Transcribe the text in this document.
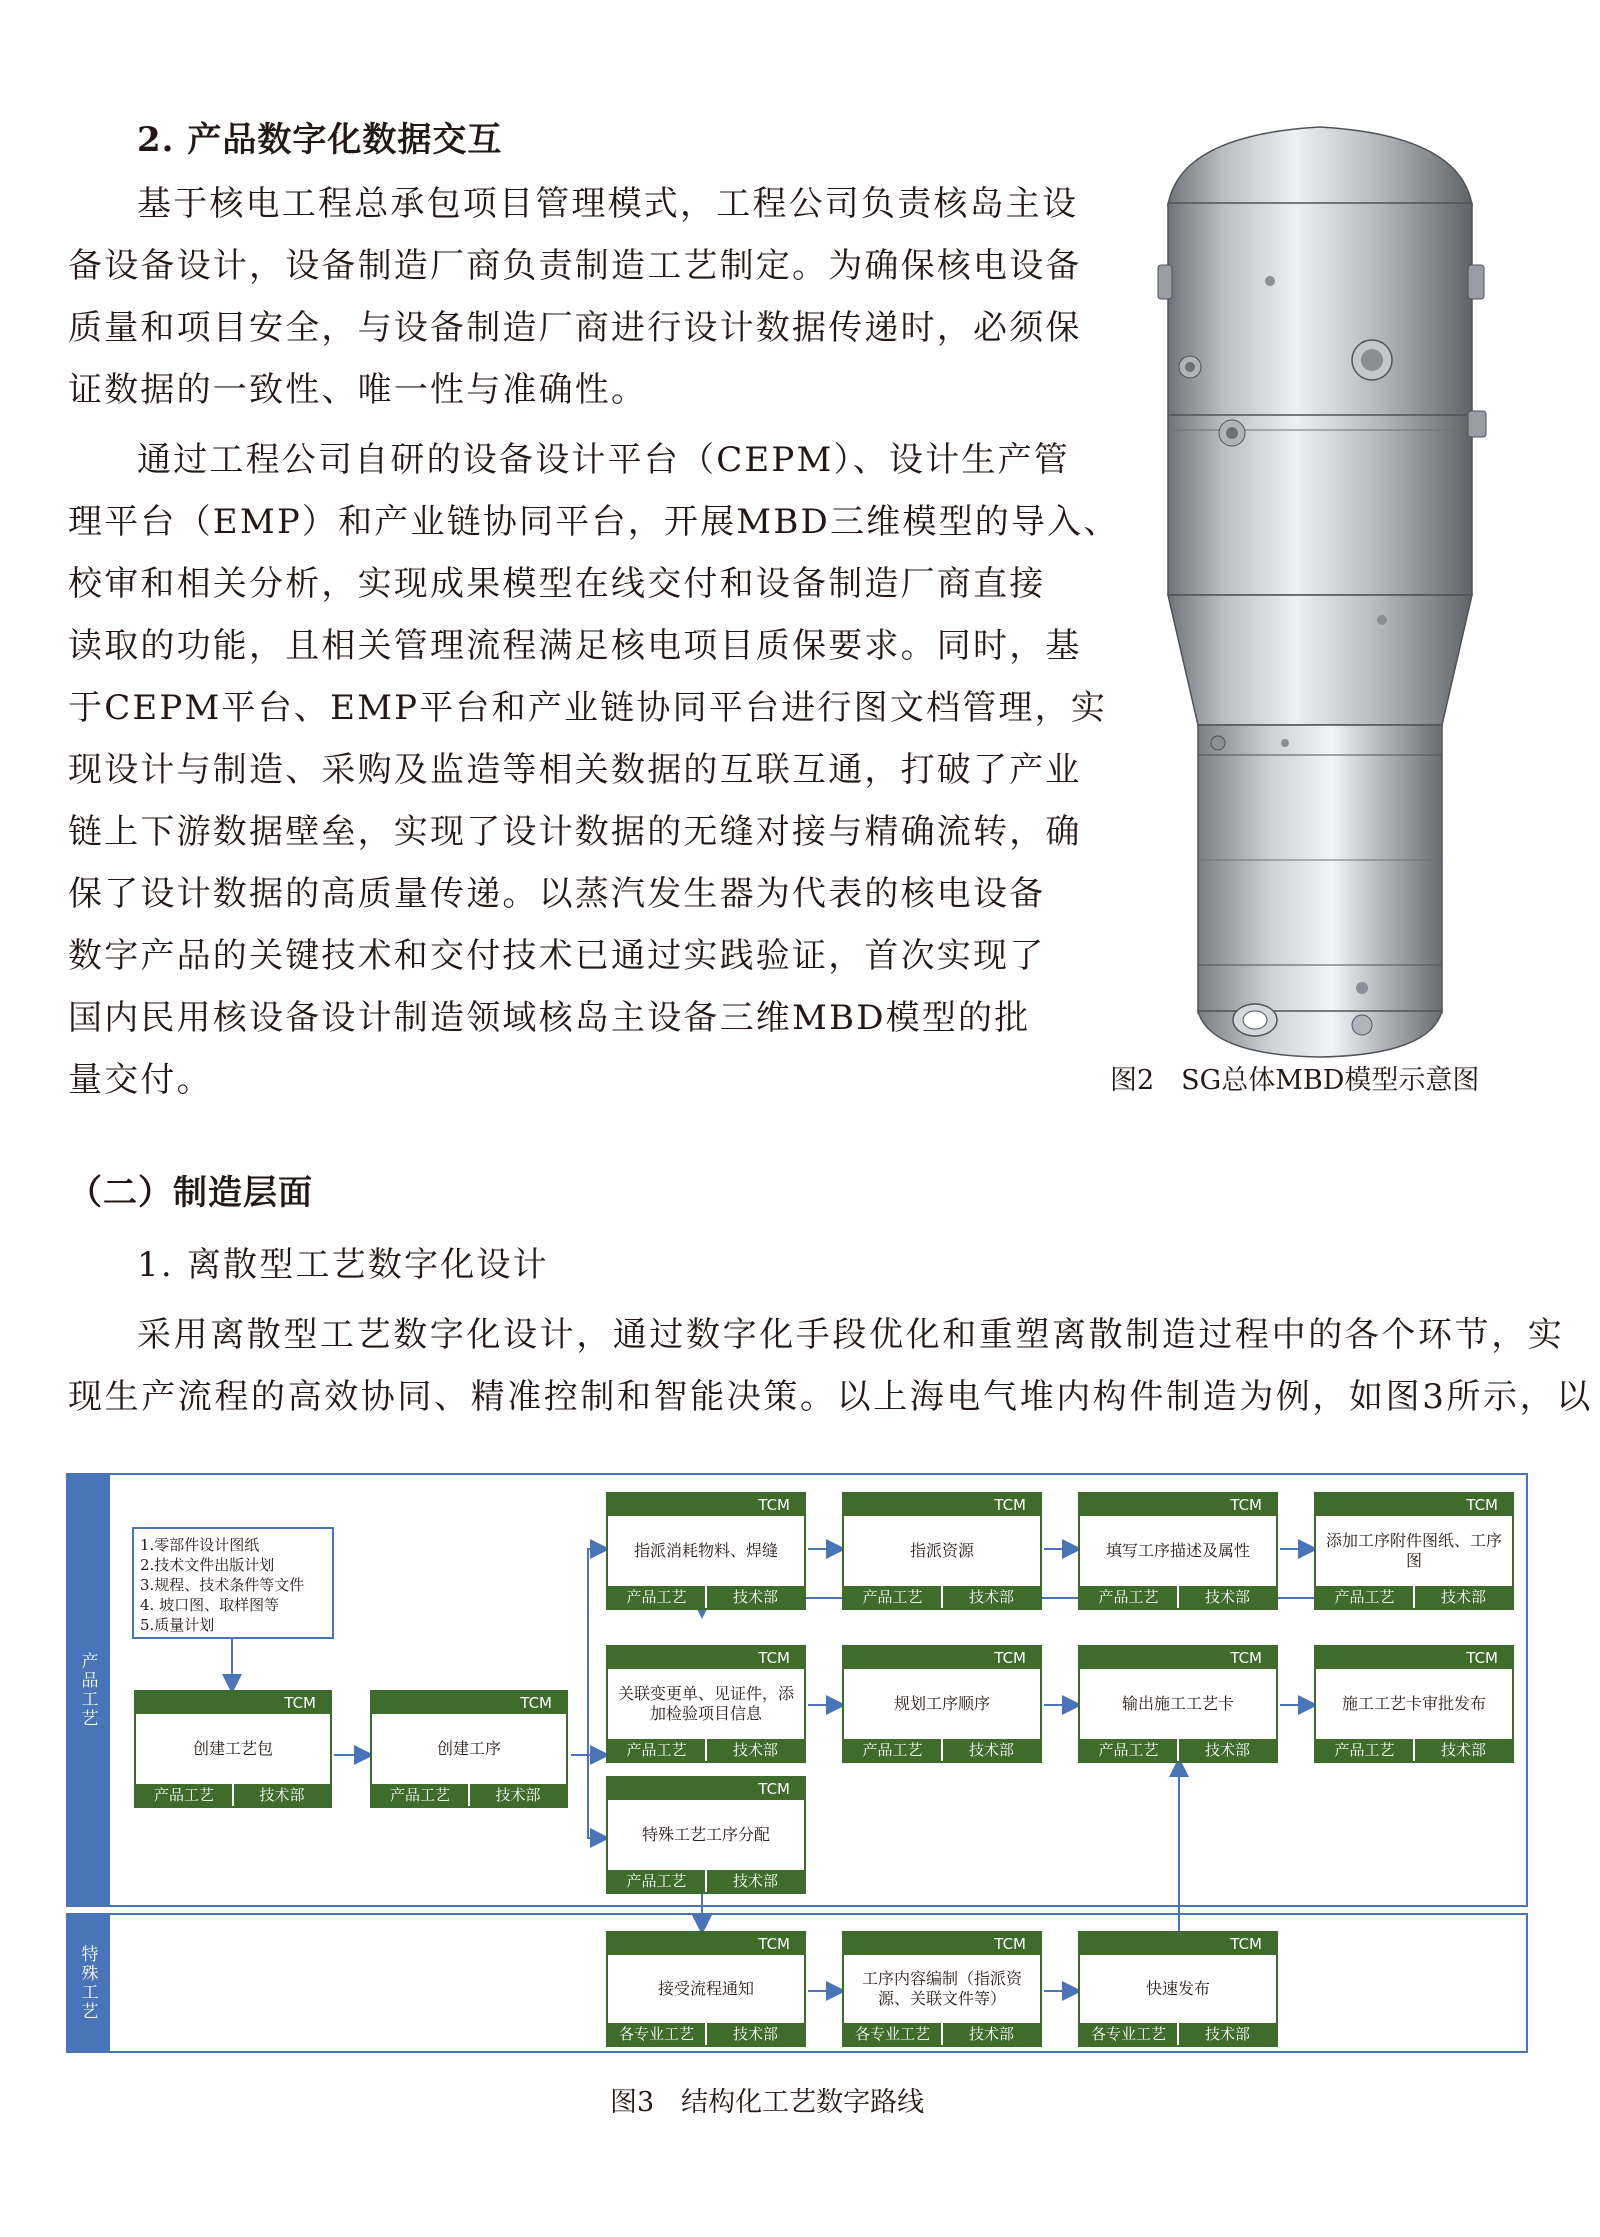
2. 产品数字化数据交互
基于核电工程总承包项目管理模式，工程公司负责核岛主设
备设备设计，设备制造厂商负责制造工艺制定。为确保核电设备
质量和项目安全，与设备制造厂商进行设计数据传递时，必须保
证数据的一致性、唯一性与准确性。
通过工程公司自研的设备设计平台（CEPM）、设计生产管
理平台（EMP）和产业链协同平台，开展MBD三维模型的导入、
校审和相关分析，实现成果模型在线交付和设备制造厂商直接
读取的功能，且相关管理流程满足核电项目质保要求。同时，基
于CEPM平台、EMP平台和产业链协同平台进行图文档管理，实
现设计与制造、采购及监造等相关数据的互联互通，打破了产业
链上下游数据壁垒，实现了设计数据的无缝对接与精确流转，确
保了设计数据的高质量传递。以蒸汽发生器为代表的核电设备
数字产品的关键技术和交付技术已通过实践验证，首次实现了
国内民用核设备设计制造领域核岛主设备三维MBD模型的批
量交付。	图2　SG总体MBD模型示意图
（二）制造层面
1. 离散型工艺数字化设计
采用离散型工艺数字化设计，通过数字化手段优化和重塑离散制造过程中的各个环节，实
现生产流程的高效协同、精准控制和智能决策。以上海电气堆内构件制造为例，如图3所示，以
产品工艺
特殊工艺
1.零部件设计图纸
2.技术文件出版计划
3.规程、技术条件等文件
4. 坡口图、取样图等
5.质量计划
TCM
创建工艺包
产品工艺	技术部
TCM
创建工序
产品工艺	技术部
TCM
指派消耗物料、焊缝
产品工艺	技术部
TCM
指派资源
产品工艺	技术部
TCM
填写工序描述及属性
产品工艺	技术部
TCM
添加工序附件图纸、工序图
产品工艺	技术部
TCM
关联变更单、见证件，添加检验项目信息
产品工艺	技术部
TCM
规划工序顺序
产品工艺	技术部
TCM
输出施工工艺卡
产品工艺	技术部
TCM
施工工艺卡审批发布
产品工艺	技术部
TCM
特殊工艺工序分配
产品工艺	技术部
TCM
接受流程通知
各专业工艺	技术部
TCM
工序内容编制（指派资源、关联文件等）
各专业工艺	技术部
TCM
快速发布
各专业工艺	技术部
图3　结构化工艺数字路线
